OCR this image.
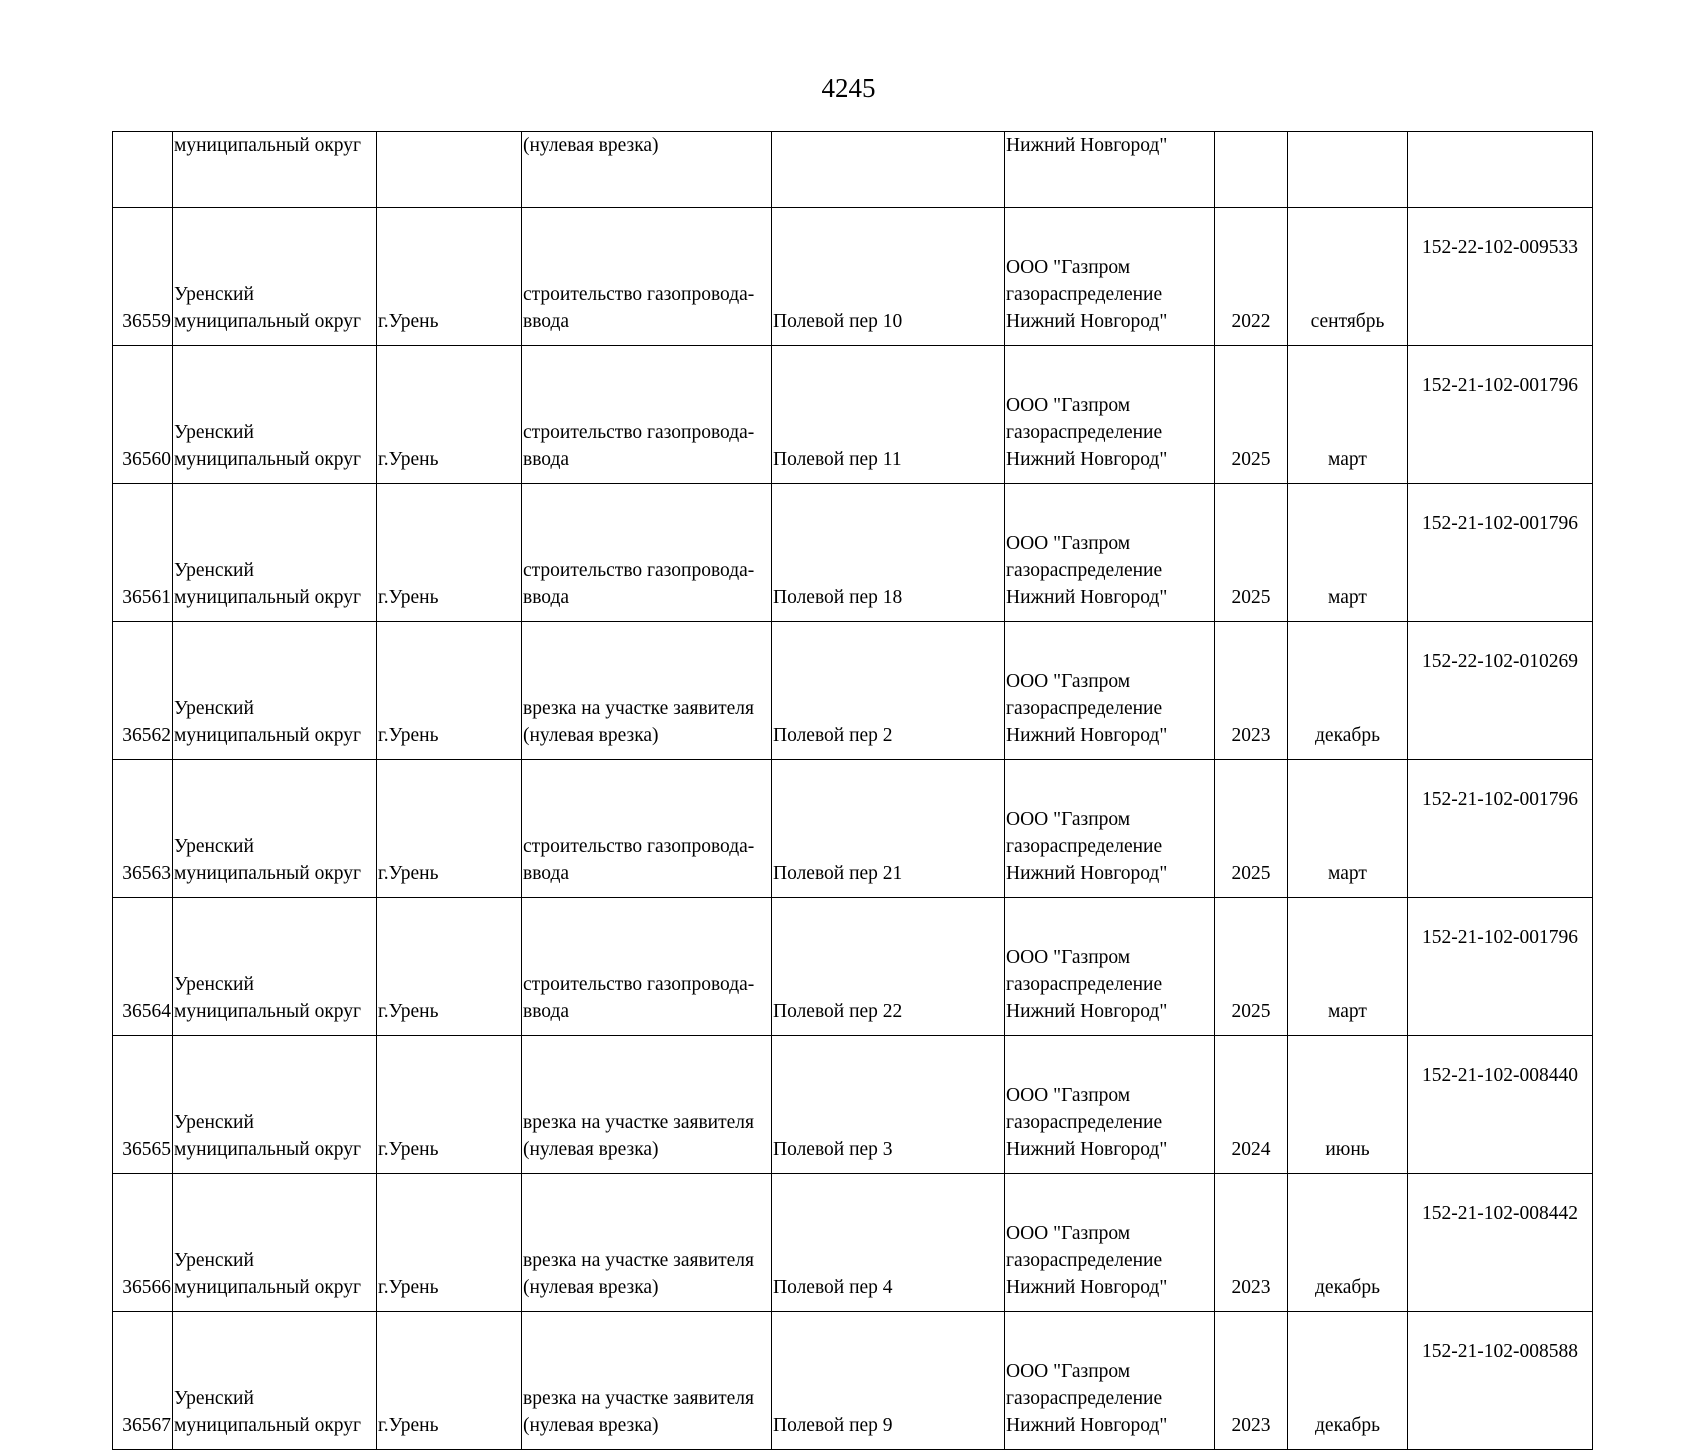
4245
	муниципальный округ		(нулевая врезка)		Нижний Новгород"			
36559	Уренский
муниципальный округ	г.Урень	строительство газопровода-
ввода	Полевой пер 10	ООО "Газпром
газораспределение
Нижний Новгород"	2022	сентябрь	152-22-102-009533
36560	Уренский
муниципальный округ	г.Урень	строительство газопровода-
ввода	Полевой пер 11	ООО "Газпром
газораспределение
Нижний Новгород"	2025	март	152-21-102-001796
36561	Уренский
муниципальный округ	г.Урень	строительство газопровода-
ввода	Полевой пер 18	ООО "Газпром
газораспределение
Нижний Новгород"	2025	март	152-21-102-001796
36562	Уренский
муниципальный округ	г.Урень	врезка на участке заявителя
(нулевая врезка)	Полевой пер 2	ООО "Газпром
газораспределение
Нижний Новгород"	2023	декабрь	152-22-102-010269
36563	Уренский
муниципальный округ	г.Урень	строительство газопровода-
ввода	Полевой пер 21	ООО "Газпром
газораспределение
Нижний Новгород"	2025	март	152-21-102-001796
36564	Уренский
муниципальный округ	г.Урень	строительство газопровода-
ввода	Полевой пер 22	ООО "Газпром
газораспределение
Нижний Новгород"	2025	март	152-21-102-001796
36565	Уренский
муниципальный округ	г.Урень	врезка на участке заявителя
(нулевая врезка)	Полевой пер 3	ООО "Газпром
газораспределение
Нижний Новгород"	2024	июнь	152-21-102-008440
36566	Уренский
муниципальный округ	г.Урень	врезка на участке заявителя
(нулевая врезка)	Полевой пер 4	ООО "Газпром
газораспределение
Нижний Новгород"	2023	декабрь	152-21-102-008442
36567	Уренский
муниципальный округ	г.Урень	врезка на участке заявителя
(нулевая врезка)	Полевой пер 9	ООО "Газпром
газораспределение
Нижний Новгород"	2023	декабрь	152-21-102-008588
